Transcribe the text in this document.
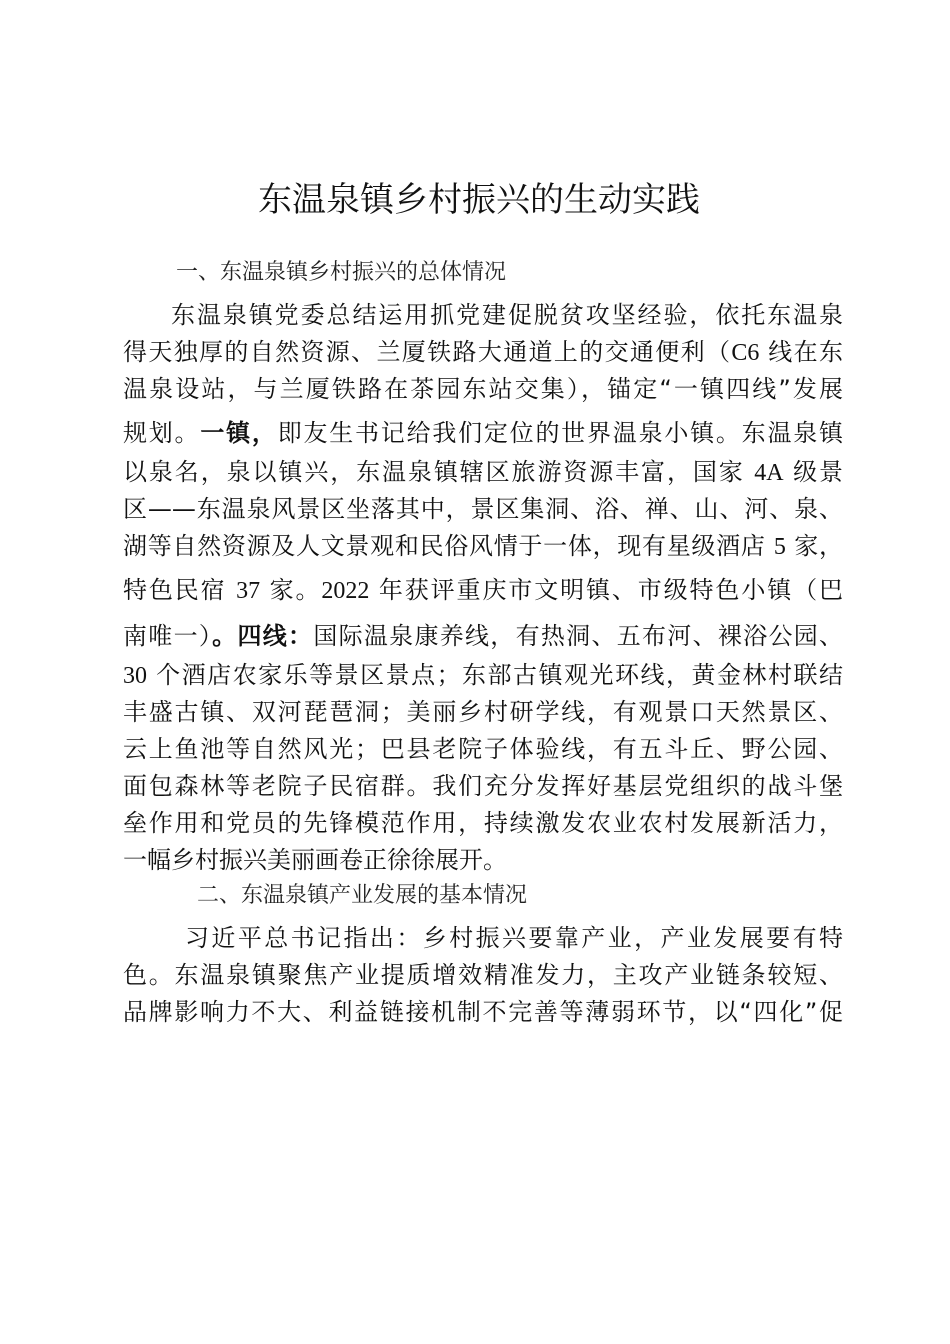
东温泉镇乡村振兴的生动实践

一、东温泉镇乡村振兴的总体情况

东温泉镇党委总结运用抓党建促脱贫攻坚经验，依托东温泉
得天独厚的自然资源、兰厦铁路大通道上的交通便利（C6 线在东
温泉设站，与兰厦铁路在茶园东站交集），锚定“一镇四线”发展
规划。一镇，即友生书记给我们定位的世界温泉小镇。东温泉镇
以泉名，泉以镇兴，东温泉镇辖区旅游资源丰富，国家 4A 级景
区——东温泉风景区坐落其中，景区集洞、浴、禅、山、河、泉、
湖等自然资源及人文景观和民俗风情于一体，现有星级酒店 5 家，
特色民宿 37 家。2022 年获评重庆市文明镇、市级特色小镇（巴
南唯一）。四线：国际温泉康养线，有热洞、五布河、裸浴公园、
30 个酒店农家乐等景区景点；东部古镇观光环线，黄金林村联结
丰盛古镇、双河琵琶洞；美丽乡村研学线，有观景口天然景区、
云上鱼池等自然风光；巴县老院子体验线，有五斗丘、野公园、
面包森林等老院子民宿群。我们充分发挥好基层党组织的战斗堡
垒作用和党员的先锋模范作用，持续激发农业农村发展新活力，
一幅乡村振兴美丽画卷正徐徐展开。

二、东温泉镇产业发展的基本情况

习近平总书记指出：乡村振兴要靠产业，产业发展要有特
色。东温泉镇聚焦产业提质增效精准发力，主攻产业链条较短、
品牌影响力不大、利益链接机制不完善等薄弱环节，以“四化”促
